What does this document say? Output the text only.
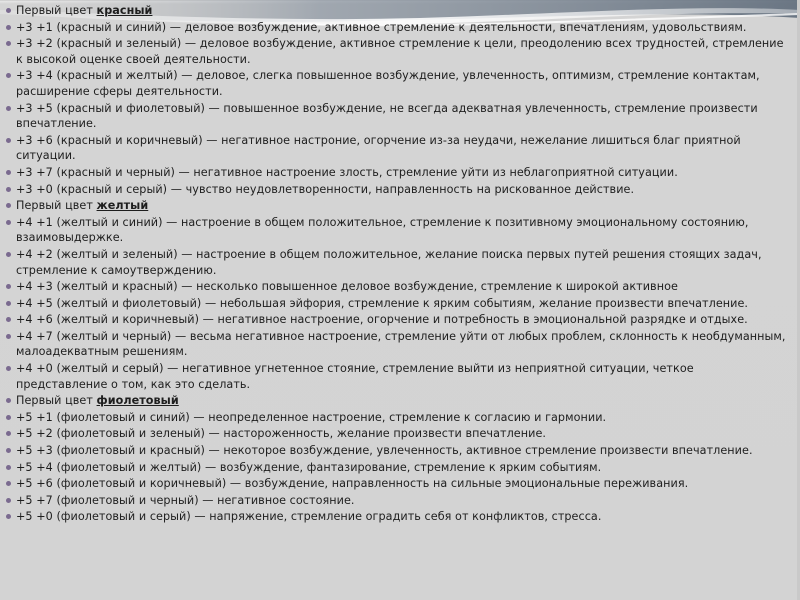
Первый цвет красный
+3 +1 (красный и синий) — деловое возбуждение, активное стремление к деятельности, впечатлениям, удовольствиям.
+3 +2 (красный и зеленый) — деловое возбуждение, активное стремление к цели, преодолению всех трудностей, стремление к высокой оценке своей деятельности.
+3 +4 (красный и желтый) — деловое, слегка повышенное возбуждение, увлеченность, оптимизм, стремление контактам, расширение сферы деятельности.
+3 +5 (красный и фиолетовый) — повышенное возбуждение, не всегда адекватная увлеченность, стремление произвести впечатление.
+3 +6 (красный и коричневый) — негативное настроние, огорчение из-за неудачи, нежелание лишиться благ приятной ситуации.
+3 +7 (красный и черный) — негативное настроение злость, стремление уйти из неблагоприятной ситуации.
+3 +0 (красный и серый) — чувство неудовлетворенности, направленность на рискованное действие.
Первый цвет желтый
+4 +1 (желтый и синий) — настроение в общем положительное, стремление к позитивному эмоциональному состоянию, взаимовыдержке.
+4 +2 (желтый и зеленый) — настроение в общем положительное, желание поиска первых путей решения стоящих задач, стремление к самоутверждению.
+4 +3 (желтый и красный) — несколько повышенное деловое возбуждение, стремление к широкой активное
+4 +5 (желтый и фиолетовый) — небольшая эйфория, стремление к ярким событиям, желание произвести впечатление.
+4 +6 (желтый и коричневый) — негативное настроение, огорчение и потребность в эмоциональной разрядке и отдыхе.
+4 +7 (желтый и черный) — весьма негативное настроение, стремление уйти от любых проблем, склонность к необдуманным, малоадекватным решениям.
+4 +0 (желтый и серый) — негативное угнетенное стояние, стремление выйти из неприятной ситуации, четкое представление о том, как это сделать.
Первый цвет фиолетовый
+5 +1 (фиолетовый и синий) — неопределенное настроение, стремление к согласию и гармонии.
+5 +2 (фиолетовый и зеленый) — настороженность, желание произвести впечатление.
+5 +3 (фиолетовый и красный) — некоторое возбуждение, увлеченность, активное стремление произвести впечатление.
+5 +4 (фиолетовый и желтый) — возбуждение, фантазирование, стремление к ярким событиям.
+5 +6 (фиолетовый и коричневый) — возбуждение, направленность на сильные эмоциональные переживания.
+5 +7 (фиолетовый и черный) — негативное состояние.
+5 +0 (фиолетовый и серый) — напряжение, стремление оградить себя от конфликтов, стресса.
